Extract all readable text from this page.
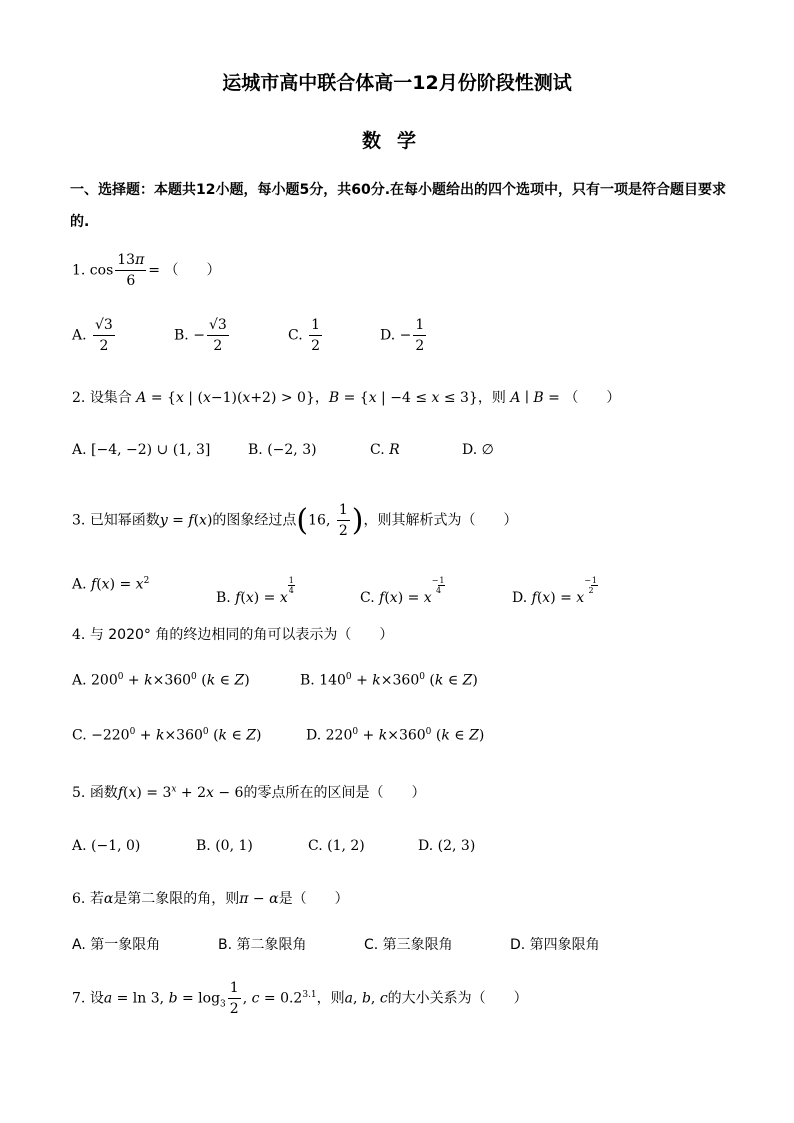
运城市高中联合体高一12月份阶段性测试
数学
一、选择题：本题共12小题，每小题5分，共60分.在每小题给出的四个选项中，只有一项是符合题目要求的.
1. $\cos \frac{13\pi}{6}$ = （　　）
A. $\frac{√3}{2}$	B. − $\frac{√3}{2}$	C. $\frac{1}{2}$	D. − $\frac{1}{2}$
2. 设集合 A = {x | (x−1)(x+2) > 0}，B = {x | −4 ≤ x ≤ 3}，则 A ∣ B = （　　）
A. [−4, −2) ∪ (1, 3]	B. (−2, 3)	C. R	D. ∅
3. 已知幂函数y = f(x)的图象经过点(16, $\frac{1}{2}$ )，则其解析式为（　　）
A. $f(x) = x^2$
B. f(x) = x
$\frac{1}{4}$
C. f(x) = x−1
4	D. f(x) = x−1
2
4. 与 2020° 角的终边相同的角可以表示为（　　）
A. $200^0 + k\times 360^0$ (k ∈ Z)	B. $140^0 + k\times 360^0$ (k ∈ Z)
C. $-220^0 + k\times 360^0$ (k ∈ Z)	D. $220^0 + k\times 360^0$ (k ∈ Z)
5. 函数$f(x) = 3^x + 2x - 6$的零点所在的区间是（　　）
A. (−1, 0)	B. (0, 1)	C. (1, 2)	D. (2, 3)
6. 若α是第二象限的角，则π − α是（　　）
A. 第一象限角	B. 第二象限角	C. 第三象限角	D. 第四象限角
7. 设a = ln 3, $b = \log_3 \frac{1}{2}$ , $c = 0.2^{3.1}$，则a, b, c的大小关系为（　　）
